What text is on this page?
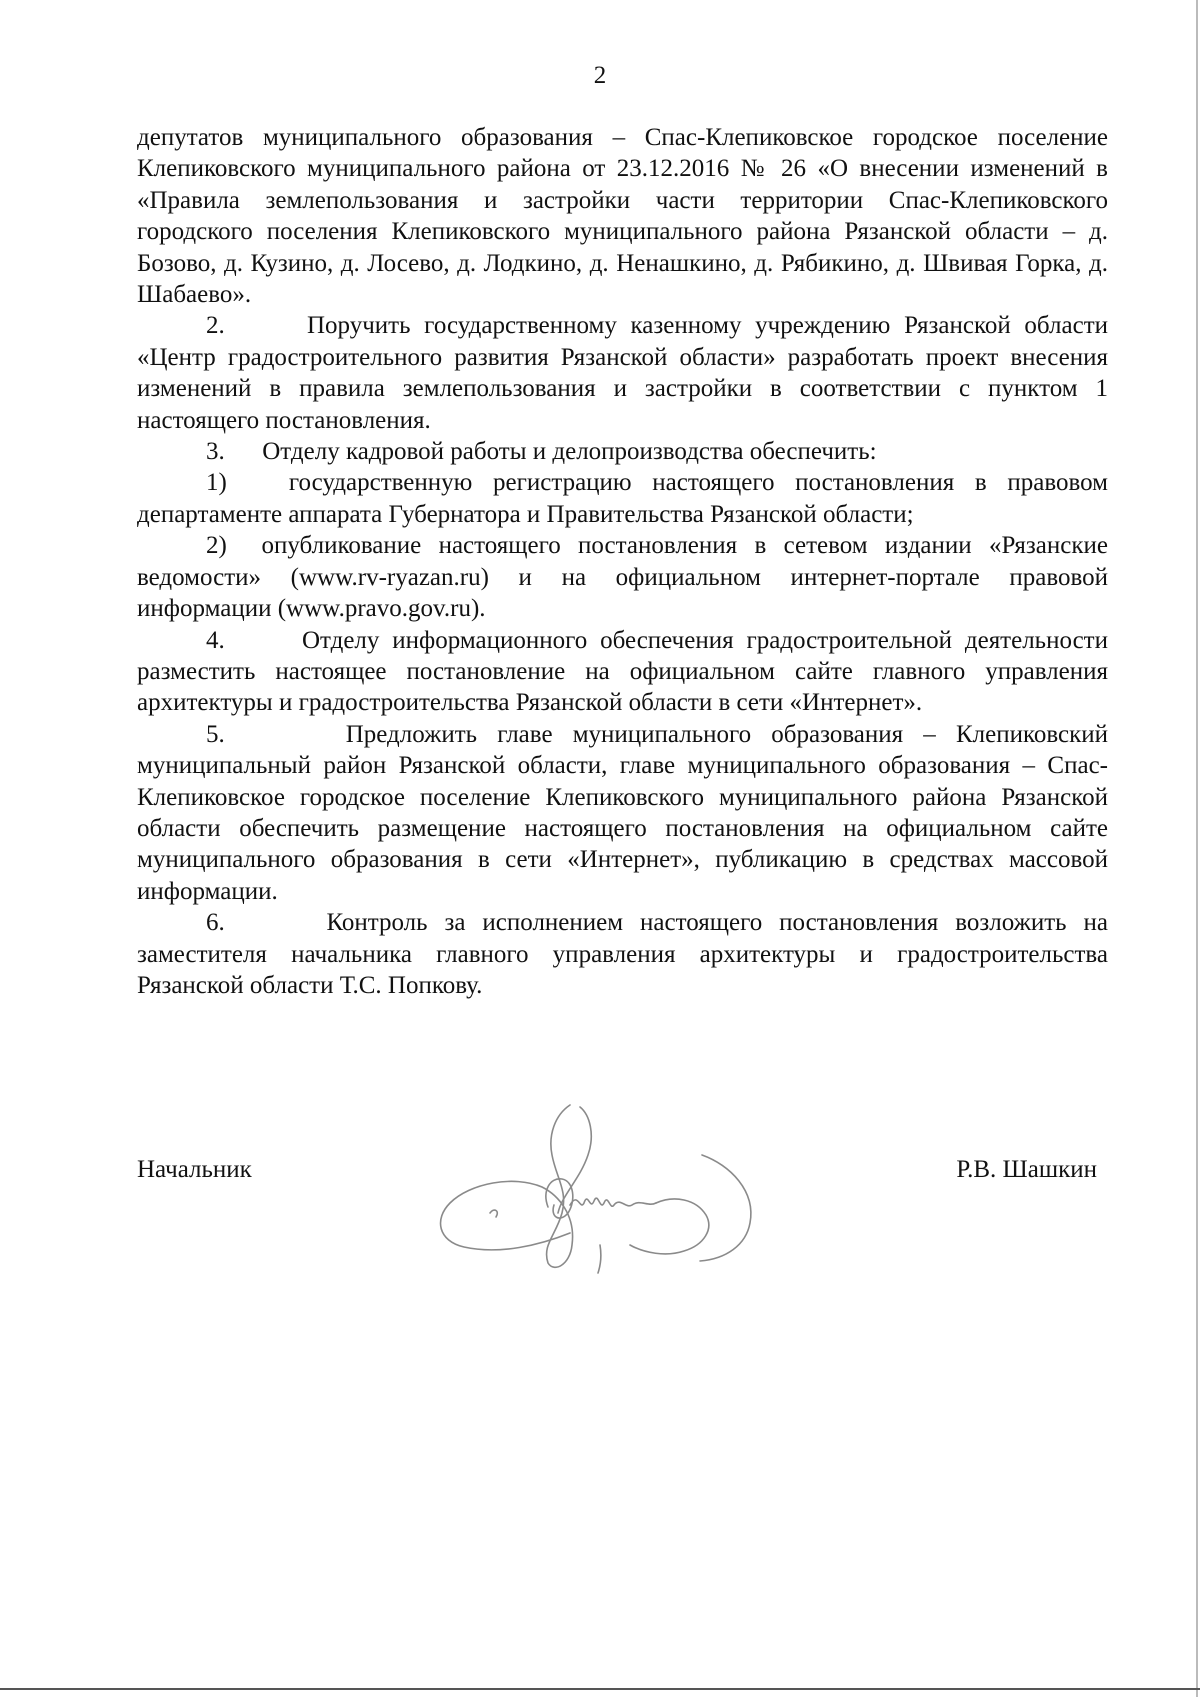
2

депутатов муниципального образования – Спас-Клепиковское городское поселение Клепиковского муниципального района от 23.12.2016 № 26 «О внесении изменений в «Правила землепользования и застройки части территории Спас-Клепиковского городского поселения Клепиковского муниципального района Рязанской области – д. Бозово, д. Кузино, д. Лосево, д. Лодкино, д. Ненашкино, д. Рябикино, д. Швивая Горка, д. Шабаево».

2.      Поручить государственному казенному учреждению Рязанской области «Центр градостроительного развития Рязанской области» разработать проект внесения изменений в правила землепользования и застройки в соответствии с пунктом 1 настоящего постановления.

3.      Отделу кадровой работы и делопроизводства обеспечить:

1)   государственную регистрацию настоящего постановления в правовом департаменте аппарата Губернатора и Правительства Рязанской области;

2)  опубликование настоящего постановления в сетевом издании «Рязанские ведомости» (www.rv-ryazan.ru) и на официальном интернет-портале правовой информации (www.pravo.gov.ru).

4.      Отделу информационного обеспечения градостроительной деятельности разместить настоящее постановление на официальном сайте главного управления архитектуры и градостроительства Рязанской области в сети «Интернет».

5.      Предложить главе муниципального образования – Клепиковский муниципальный район Рязанской области, главе муниципального образования – Спас-Клепиковское городское поселение Клепиковского муниципального района Рязанской области обеспечить размещение настоящего постановления на официальном сайте муниципального образования в сети «Интернет», публикацию в средствах массовой информации.

6.      Контроль за исполнением настоящего постановления возложить на заместителя начальника главного управления архитектуры и градостроительства Рязанской области Т.С. Попкову.

Начальник	Р.В. Шашкин
